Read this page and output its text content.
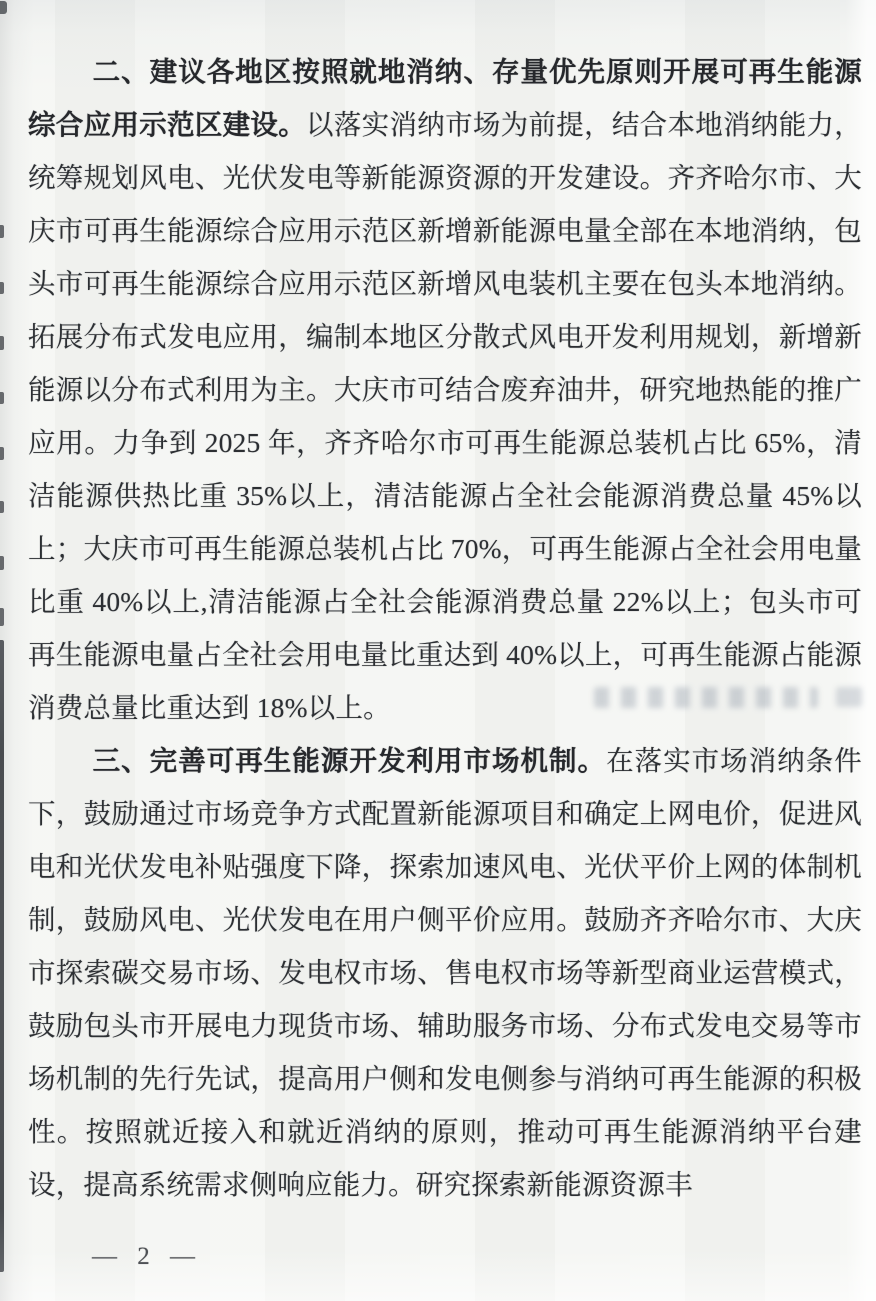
二、建议各地区按照就地消纳、存量优先原则开展可再生能源综合应用示范区建设。以落实消纳市场为前提，结合本地消纳能力，统筹规划风电、光伏发电等新能源资源的开发建设。齐齐哈尔市、大庆市可再生能源综合应用示范区新增新能源电量全部在本地消纳，包头市可再生能源综合应用示范区新增风电装机主要在包头本地消纳。拓展分布式发电应用，编制本地区分散式风电开发利用规划，新增新能源以分布式利用为主。大庆市可结合废弃油井，研究地热能的推广应用。力争到 2025 年，齐齐哈尔市可再生能源总装机占比 65%，清洁能源供热比重 35%以上，清洁能源占全社会能源消费总量 45%以上；大庆市可再生能源总装机占比 70%，可再生能源占全社会用电量比重 40%以上,清洁能源占全社会能源消费总量 22%以上；包头市可再生能源电量占全社会用电量比重达到 40%以上，可再生能源占能源消费总量比重达到 18%以上。

三、完善可再生能源开发利用市场机制。在落实市场消纳条件下，鼓励通过市场竞争方式配置新能源项目和确定上网电价，促进风电和光伏发电补贴强度下降，探索加速风电、光伏平价上网的体制机制，鼓励风电、光伏发电在用户侧平价应用。鼓励齐齐哈尔市、大庆市探索碳交易市场、发电权市场、售电权市场等新型商业运营模式，鼓励包头市开展电力现货市场、辅助服务市场、分布式发电交易等市场机制的先行先试，提高用户侧和发电侧参与消纳可再生能源的积极性。按照就近接入和就近消纳的原则，推动可再生能源消纳平台建设，提高系统需求侧响应能力。研究探索新能源资源丰

— 2 —
